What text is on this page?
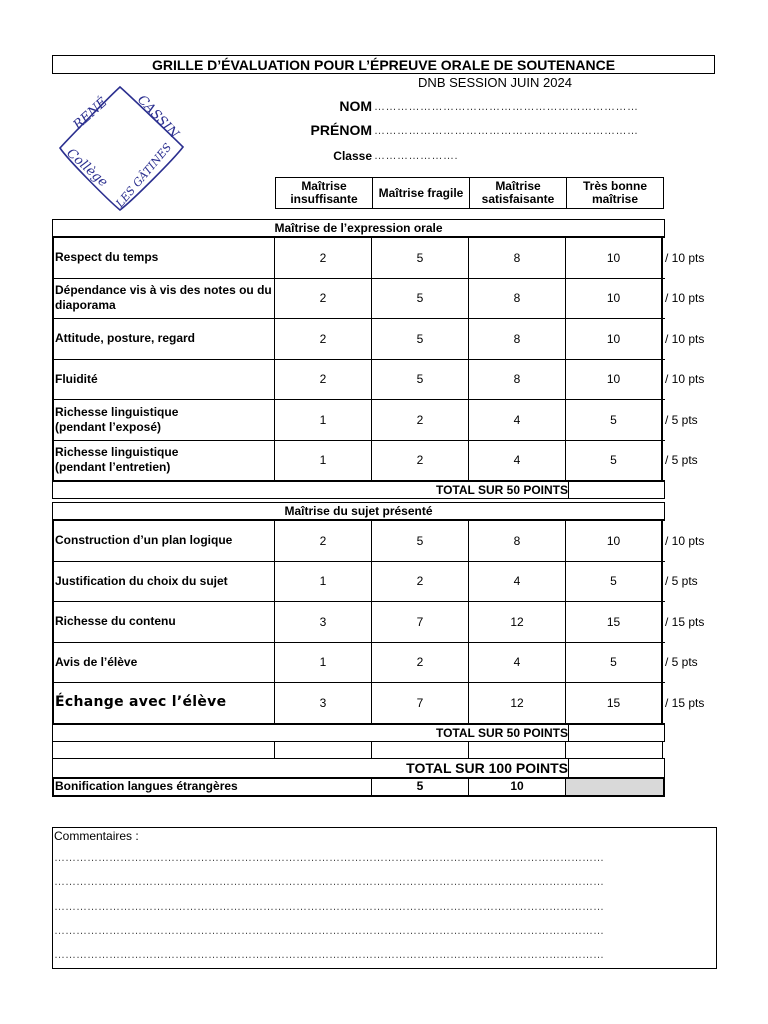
GRILLE D’ÉVALUATION POUR L’ÉPREUVE ORALE DE SOUTENANCE
DNB SESSION JUIN 2024
RENÉ CASSIN
Collège LES GÂTINES
NOM ……………………………………………………………
PRÉNOM ……………………………………………………………
Classe ………………….
Maîtrise insuffisante	Maîtrise fragile	Maîtrise satisfaisante	Très bonne maîtrise
Maîtrise de l’expression orale
Respect du temps	2	5	8	10	/ 10 pts
Dépendance vis à vis des notes ou du diaporama	2	5	8	10	/ 10 pts
Attitude, posture, regard	2	5	8	10	/ 10 pts
Fluidité	2	5	8	10	/ 10 pts
Richesse linguistique
(pendant l’exposé)	1	2	4	5	/ 5 pts
Richesse linguistique
(pendant l’entretien)	1	2	4	5	/ 5 pts
TOTAL SUR 50 POINTS
Maîtrise du sujet présenté
Construction d’un plan logique	2	5	8	10	/ 10 pts
Justification du choix du sujet	1	2	4	5	/ 5 pts
Richesse du contenu	3	7	12	15	/ 15 pts
Avis de l’élève	1	2	4	5	/ 5 pts
Échange avec l’élève	3	7	12	15	/ 15 pts
TOTAL SUR 50 POINTS
TOTAL SUR 100 POINTS
Bonification langues étrangères	5	10
Commentaires :
……………………………………………………………………………………………………………………………………
……………………………………………………………………………………………………………………………………
……………………………………………………………………………………………………………………………………
……………………………………………………………………………………………………………………………………
……………………………………………………………………………………………………………………………………
